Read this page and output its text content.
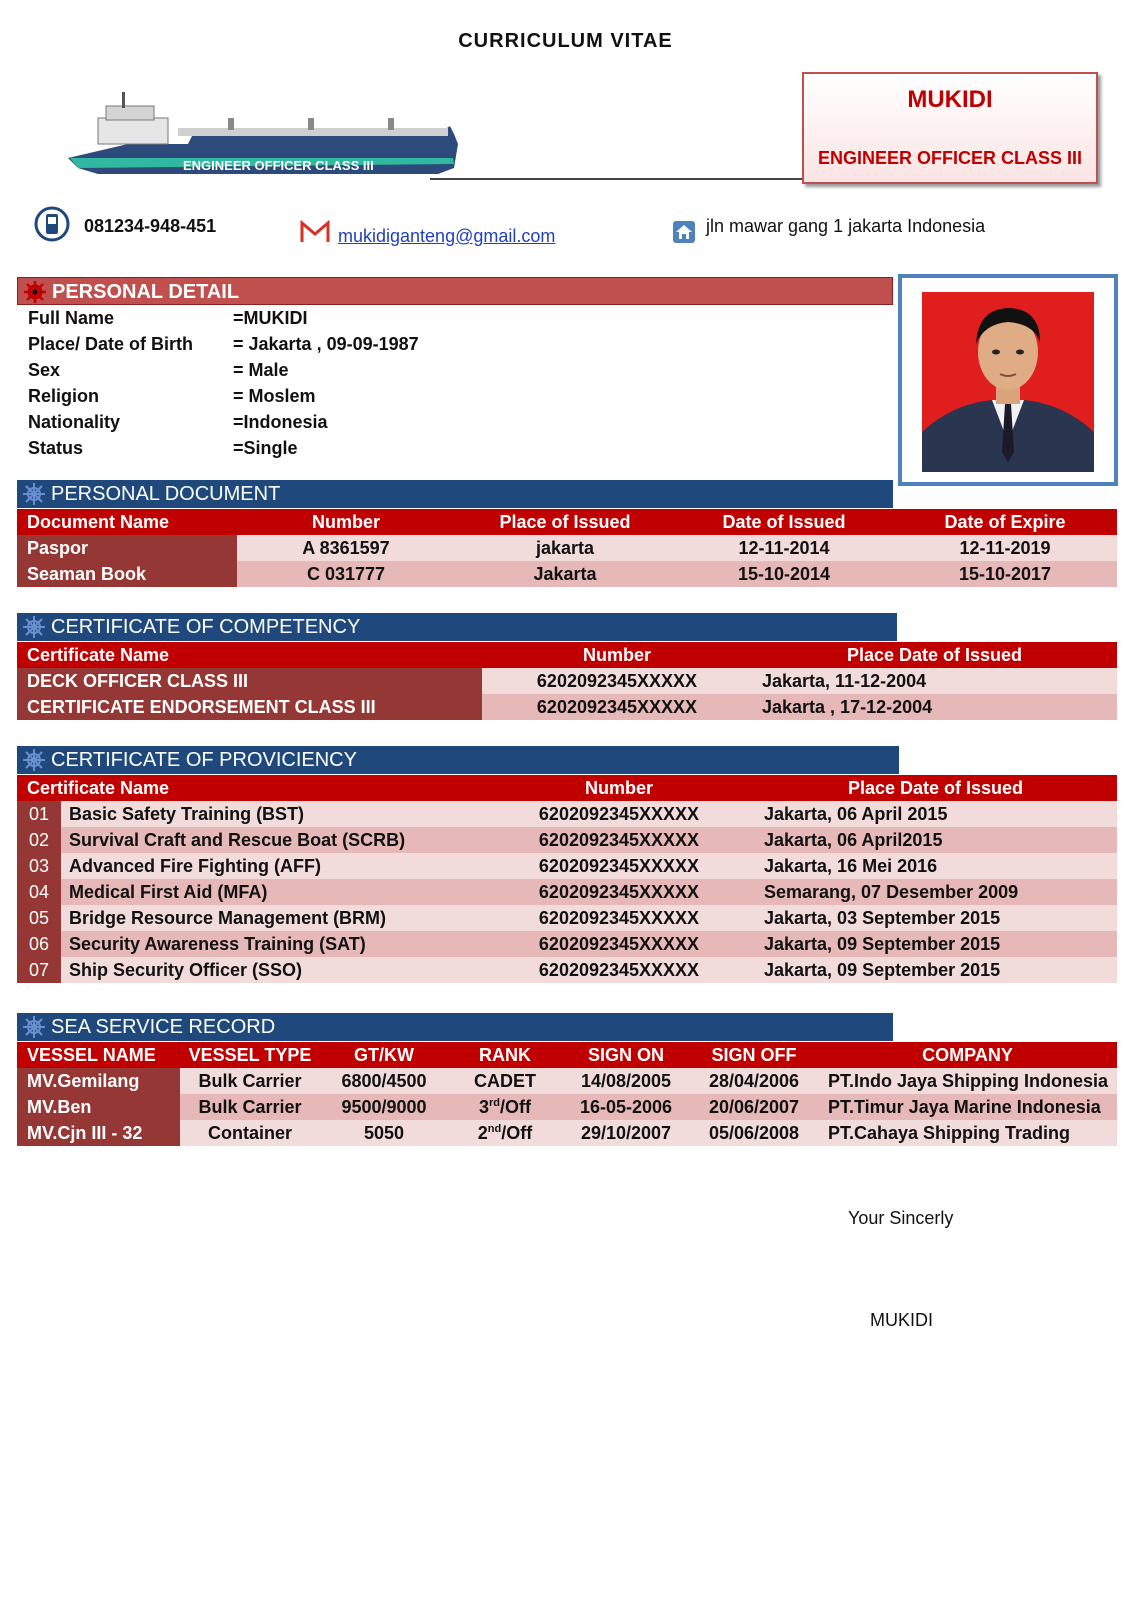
CURRICULUM VITAE
ENGINEER OFFICER CLASS III
MUKIDI
ENGINEER OFFICER CLASS III
081234-948-451	mukidiganteng@gmail.com	jln mawar gang 1 jakarta Indonesia
PERSONAL DETAIL
Full Name	=MUKIDI
Place/ Date of Birth = Jakarta , 09-09-1987
Sex	= Male
Religion	= Moslem
Nationality	=Indonesia
Status	=Single
PERSONAL DOCUMENT
Document Name	Number	Place of Issued	Date of Issued	Date of Expire
Paspor	A 8361597	jakarta	12-11-2014	12-11-2019
Seaman Book	C 031777	Jakarta	15-10-2014	15-10-2017
CERTIFICATE OF COMPETENCY
Certificate Name	Number	Place Date of Issued
DECK OFFICER CLASS III	6202092345XXXXX	Jakarta, 11-12-2004
CERTIFICATE ENDORSEMENT CLASS III	6202092345XXXXX	Jakarta , 17-12-2004
CERTIFICATE OF PROVICIENCY
Certificate Name		Number	Place Date of Issued
01	Basic Safety Training (BST)	6202092345XXXXX	Jakarta, 06 April 2015
02	Survival Craft and Rescue Boat (SCRB)	6202092345XXXXX	Jakarta, 06 April2015
03	Advanced Fire Fighting (AFF)	6202092345XXXXX	Jakarta, 16 Mei 2016
04	Medical First Aid (MFA)	6202092345XXXXX	Semarang, 07 Desember 2009
05	Bridge Resource Management (BRM)	6202092345XXXXX	Jakarta, 03 September 2015
06	Security Awareness Training (SAT)	6202092345XXXXX	Jakarta, 09 September 2015
07	Ship Security Officer (SSO)	6202092345XXXXX	Jakarta, 09 September 2015
SEA SERVICE RECORD
VESSEL NAME	VESSEL TYPE	GT/KW	RANK	SIGN ON	SIGN OFF	COMPANY
MV.Gemilang	Bulk Carrier	6800/4500	CADET	14/08/2005	28/04/2006	PT.Indo Jaya Shipping Indonesia
MV.Ben	Bulk Carrier	9500/9000	3rd/Off	16-05-2006	20/06/2007	PT.Timur Jaya Marine Indonesia
MV.Cjn III - 32	Container	5050	2nd/Off	29/10/2007	05/06/2008	PT.Cahaya Shipping Trading
Your Sincerly
MUKIDI
